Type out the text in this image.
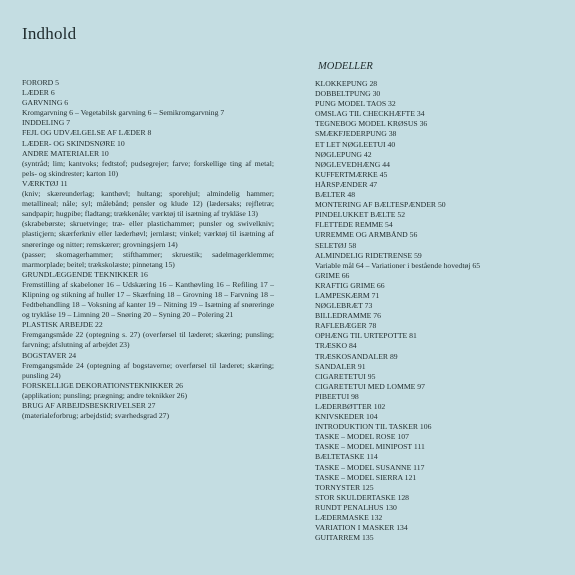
Indhold

FORORD 5

LÆDER 6

GARVNING 6

Kromgarvning 6 – Vegetabilsk garvning 6 – Semikromgarvning 7

INDDELING 7

FEJL OG UDVÆLGELSE AF LÆDER 8

LÆDER- OG SKINDSNØRE 10

ANDRE MATERIALER 10

(syntråd; lim; kantvoks; fedtstof; pudsegrejer; farve; forskellige ting af metal; pels- og skindrester; karton 10)

VÆRKTØJ 11

(kniv; skæreunderlag; kanthøvl; hultang; sporehjul; almindelig hammer; metallineal; nåle; syl; målebånd; pensler og klude 12) (lædersaks; rejfletræ; sandpapir; hugpibe; fladtang; trækkenåle; værktøj til isætning af trykläse 13)

(skrabebørste; skruetvinge; træ- eller plastichammer; punsler og swivelkniv; plastiçjern; skærferkniv eller læderhøvl; jernlæst; vinkel; værktøj til isætning af snøreringe og nitter; remskærer; grovningsjern 14)

(passer; skomagerhammer; stifthammer; skruestik; sadelmagerklemme; marmorplade; beitel; trækskolæste; pinnetang 15)

GRUNDLÆGGENDE TEKNIKKER 16

Fremstilling af skabeloner 16 – Udskæring 16 – Kanthøvling 16 – Refiling 17 – Klipning og stikning af huller 17 – Skærfning 18 – Grovning 18 – Farvning 18 – Fedtbehandling 18 – Voksning af kanter 19 – Nitning 19 – Isætning af snøreringe og tryklåse 19 – Limning 20 – Snøring 20 – Syning 20 – Polering 21

PLASTISK ARBEJDE 22

Fremgangsmåde 22 (optegning s. 27) (overførsel til læderet; skæring; punsling; farvning; afslutning af arbejdet 23)

BOGSTAVER 24

Fremgangsmåde 24 (optegning af bogstaverne; overførsel til læderet; skæring; punsling 24)

FORSKELLIGE DEKORATIONSTEKNIKKER 26

(applikation; punsling; prægning; andre teknikker 26)

BRUG AF ARBEJDSBESKRIVELSER 27

(materialeforbrug; arbejdstid; sværhedsgrad 27)

MODELLER

KLOKKEPUNG 28

DOBBELTPUNG 30

PUNG MODEL TAOS 32

OMSLAG TIL CHECKHÆFTE 34

TEGNEBOG MODEL KRØSUS 36

SMÆKFJEDERPUNG 38

ET LET NØGLEETUI 40

NØGLEPUNG 42

NØGLEVEDHÆNG 44

KUFFERTMÆRKE 45

HÅRSPÆNDER 47

BÆLTER 48

MONTERING AF BÆLTESPÆNDER 50

PINDELUKKET BÆLTE 52

FLETTEDE REMME 54

URREMME OG ARMBÅND 56

SELETØJ 58

ALMINDELIG RIDETRENSE 59

Variable mål 64 – Variationer i bestående hovedtøj 65

GRIME 66

KRAFTIG GRIME 66

LAMPESKÆRM 71

NØGLEBRÆT 73

BILLEDRAMME 76

RAFLEBÆGER 78

OPHÆNG TIL URTEPOTTE 81

TRÆSKO 84

TRÆSKOSANDALER 89

SANDALER 91

CIGARETETUI 95

CIGARETETUI MED LOMME 97

PIBEETUI 98

LÆDERBØTTER 102

KNIVSKEDER 104

INTRODUKTION TIL TASKER 106

TASKE – MODEL ROSE 107

TASKE – MODEL MINIPOST 111

BÆLTETASKE 114

TASKE – MODEL SUSANNE 117

TASKE – MODEL SIERRA 121

TORNYSTER 125

STOR SKULDERTASKE 128

RUNDT PENALHUS 130

LÆDERMASKE 132

VARIATION I MASKER 134

GUITARREM 135
